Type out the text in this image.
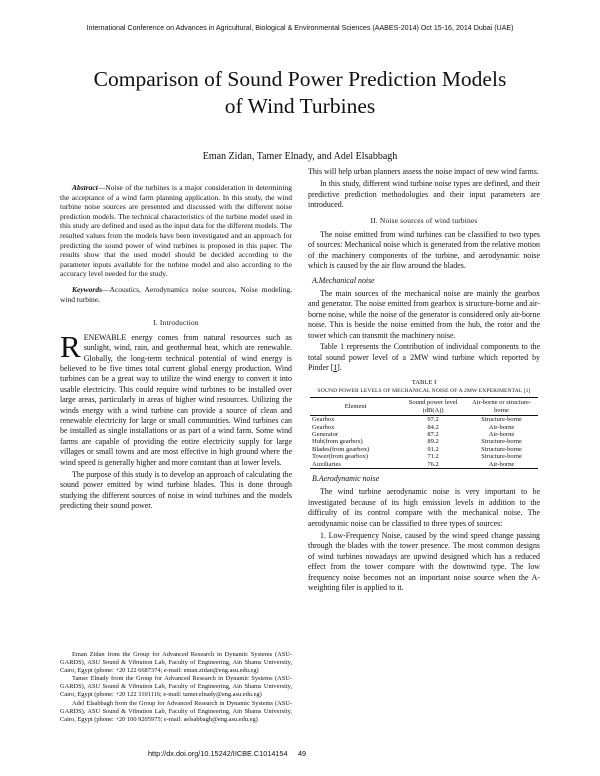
International Conference on Advances in Agricultural, Biological & Environmental Sciences (AABES-2014) Oct 15-16, 2014 Dubai (UAE)
Comparison of Sound Power Prediction Models
of Wind Turbines
Eman Zidan, Tamer Elnady, and Adel Elsabbagh

Abstract—Noise of the turbines is a major consideration in determining the acceptance of a wind farm planning application. In this study, the wind turbine noise sources are presented and discussed with the different noise prediction models. The technical characteristics of the turbine model used in this study are defined and used as the input data for the different models. The resulted values from the models have been investigated and an approach for predicting the sound power of wind turbines is proposed in this paper. The results show that the used model should be decided according to the parameter inputs available for the turbine model and also according to the accuracy level needed for the study.

Keywords—Acoustics, Aerodynamics noise sources, Noise modeling, wind turbine.

I. Introduction

RENEWABLE energy comes from natural resources such as sunlight, wind, rain, and geothermal heat, which are renewable. Globally, the long-term technical potential of wind energy is believed to be five times total current global energy production. Wind turbines can be a great way to utilize the wind energy to convert it into usable electricity. This could require wind turbines to be installed over large areas, particularly in areas of higher wind resources. Utilizing the winds energy with a wind turbine can provide a source of clean and renewable electricity for large or small communities. Wind turbines can be installed as single installations or as part of a wind farm. Some wind farms are capable of providing the entire electricity supply for large villages or small towns and are most effective in high ground where the wind speed is generally higher and more constant than at lower levels.

The purpose of this study is to develop an approach of calculating the sound power emitted by wind turbine blades. This is done through studying the different sources of noise in wind turbines and the models predicting their sound power.

Eman Zidan from the Group for Advanced Research in Dynamic Systems (ASU-GARDS), ASU Sound & Vibration Lab, Faculty of Engineering, Ain Shams University, Cairo, Egypt (phone: +20 122 6687374; e-mail: eman.zidan@eng.asu.edu.eg)

Tamer Elnady from the Group for Advanced Research in Dynamic Systems (ASU-GARDS), ASU Sound & Vibration Lab, Faculty of Engineering, Ain Shams University, Cairo, Egypt (phone: +20 122 3101116; e-mail: tamer.elnady@eng.asu.edu.eg)

Adel Elsabbagh from the Group for Advanced Research in Dynamic Systems (ASU-GARDS), ASU Sound & Vibration Lab, Faculty of Engineering, Ain Shams University, Cairo, Egypt (phone: +20 100 9205975; e-mail: aelsabbagh@eng.asu.edu.eg)

This will help urban planners assess the noise impact of new wind farms.

In this study, different wind turbine noise types are defined, and their predictive prediction methodologies and their input parameters are introduced.

II. Noise sources of wind turbines

The noise emitted from wind turbines can be classified to two types of sources: Mechanical noise which is generated from the relative motion of the machinery components of the turbine, and aerodynamic noise which is caused by the air flow around the blades.

A.Mechanical noise

The main sources of the mechanical noise are mainly the gearbox and generator. The noise emitted from gearbox is structure-borne and air-borne noise, while the noise of the generator is considered only air-borne noise. This is beside the noise emitted from the hub, the rotor and the tower which can transmit the machinery noise.

Table 1 represents the Contribution of individual components to the total sound power level of a 2MW wind turbine which reported by Pinder [1].

TABLE I
SOUND POWER LEVELS OF MECHANICAL NOISE OF A 2MW EXPERIMENTAL [1]
Element	Sound power level (dB(A))	Air-borne or structure-borne
Gearbox	97.2	Structure-borne
Gearbox	84.2	Air-borne
Generator	87.2	Air-borne
Hub(from gearbox)	89.2	Structure-borne
Blades(from gearbox)	91.2	Structure-borne
Tower(from gearbox)	71.2	Structure-borne
Auxiliaries	76.2	Air-borne
B.Aerodynamic noise

The wind turbine aerodynamic noise is very important to be investigated because of its high emission levels in addition to the difficulty of its control compare with the mechanical noise. The aerodynamic noise can be classified to three types of sources:

1. Low-Frequency Noise, caused by the wind speed change passing through the blades with the tower presence. The most common designs of wind turbines nowadays are upwind designed which has a reduced effect from the tower compare with the downwind type. The low frequency noise becomes not an important noise source when the A-weighting filer is applied to it.

http://dx.doi.org/10.15242/IICBE.C1014154 49
